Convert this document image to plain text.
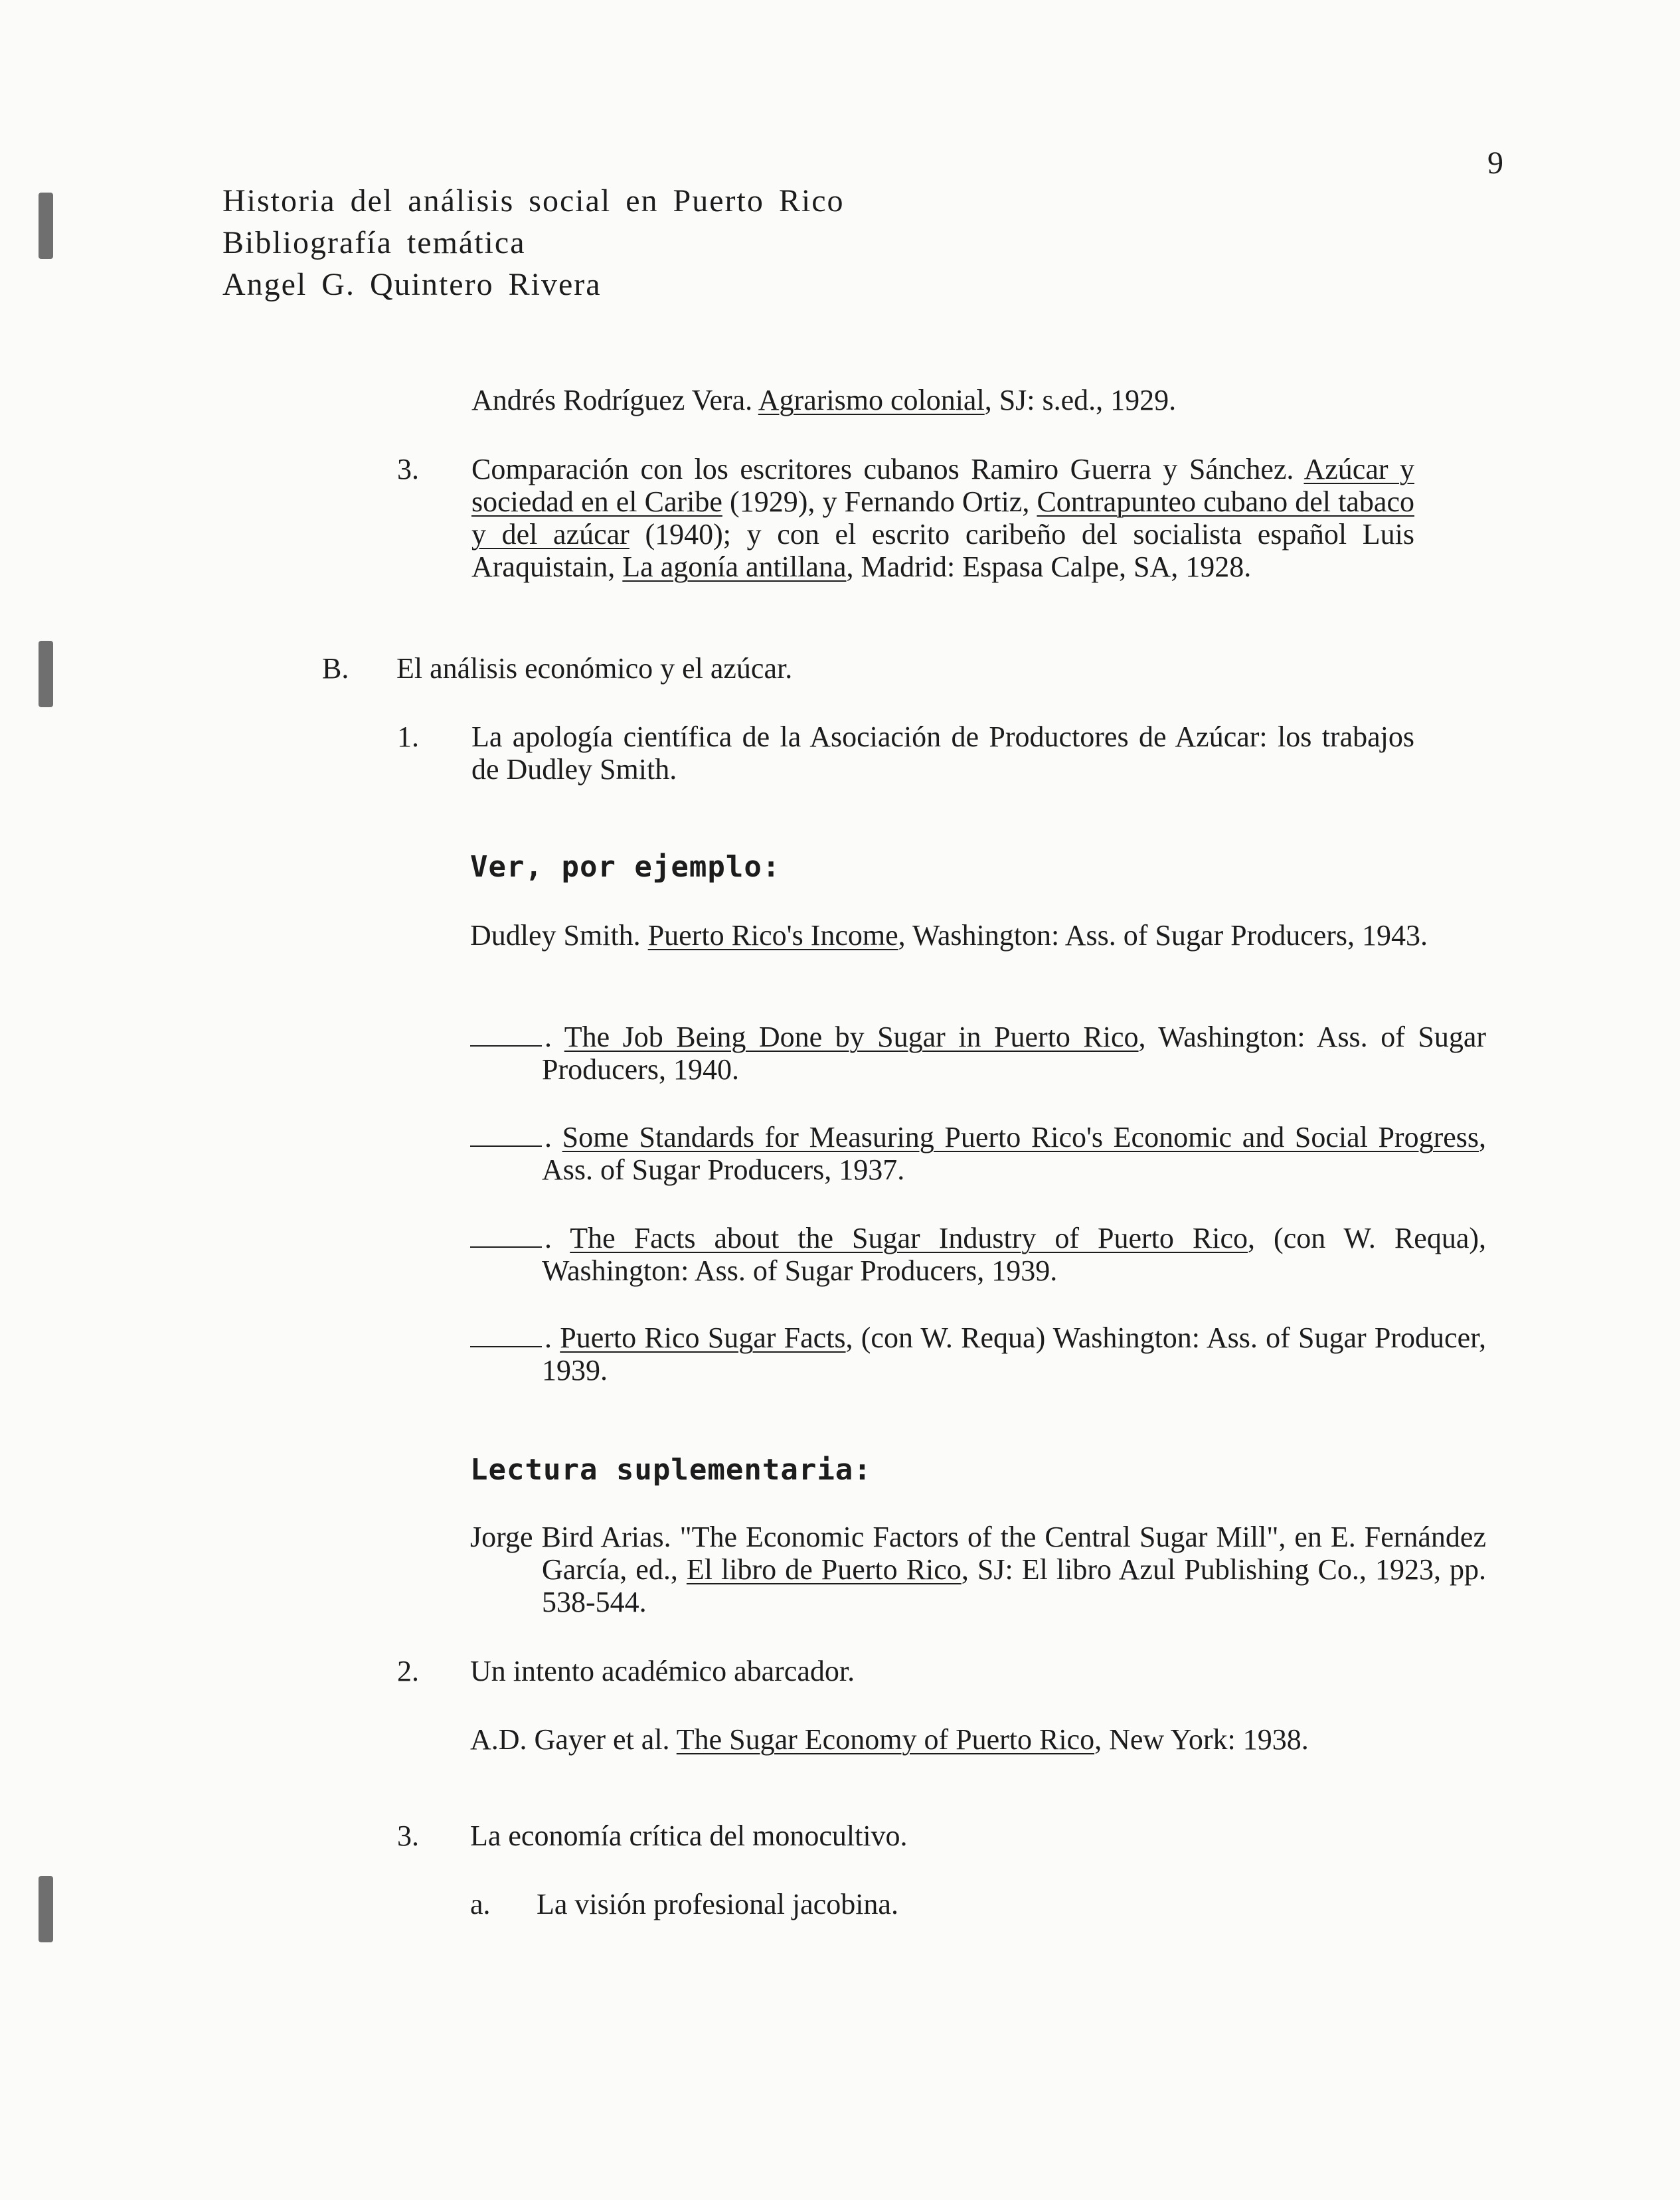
9
Historia del análisis social en Puerto Rico
Bibliografía temática
Angel G. Quintero Rivera
Andrés Rodríguez Vera. Agrarismo colonial, SJ: s.ed., 1929.
3. Comparación con los escritores cubanos Ramiro Guerra y Sánchez. Azúcar y sociedad en el Caribe (1929), y Fernando Ortiz, Contrapunteo cubano del tabaco y del azúcar (1940); y con el escrito caribeño del socialista español Luis Araquistain, La agonía antillana, Madrid: Espasa Calpe, SA, 1928.
B. El análisis económico y el azúcar.
1. La apología científica de la Asociación de Productores de Azúcar: los trabajos de Dudley Smith.
Ver, por ejemplo:
Dudley Smith. Puerto Rico's Income, Washington: Ass. of Sugar Producers, 1943.
. The Job Being Done by Sugar in Puerto Rico, Washington: Ass. of Sugar Producers, 1940.
. Some Standards for Measuring Puerto Rico's Economic and Social Progress, Ass. of Sugar Producers, 1937.
. The Facts about the Sugar Industry of Puerto Rico, (con W. Requa), Washington: Ass. of Sugar Producers, 1939.
. Puerto Rico Sugar Facts, (con W. Requa) Washington: Ass. of Sugar Producer, 1939.
Lectura suplementaria:
Jorge Bird Arias. "The Economic Factors of the Central Sugar Mill", en E. Fernández García, ed., El libro de Puerto Rico, SJ: El libro Azul Publishing Co., 1923, pp. 538-544.
2. Un intento académico abarcador.
A.D. Gayer et al. The Sugar Economy of Puerto Rico, New York: 1938.
3. La economía crítica del monocultivo.
a. La visión profesional jacobina.
